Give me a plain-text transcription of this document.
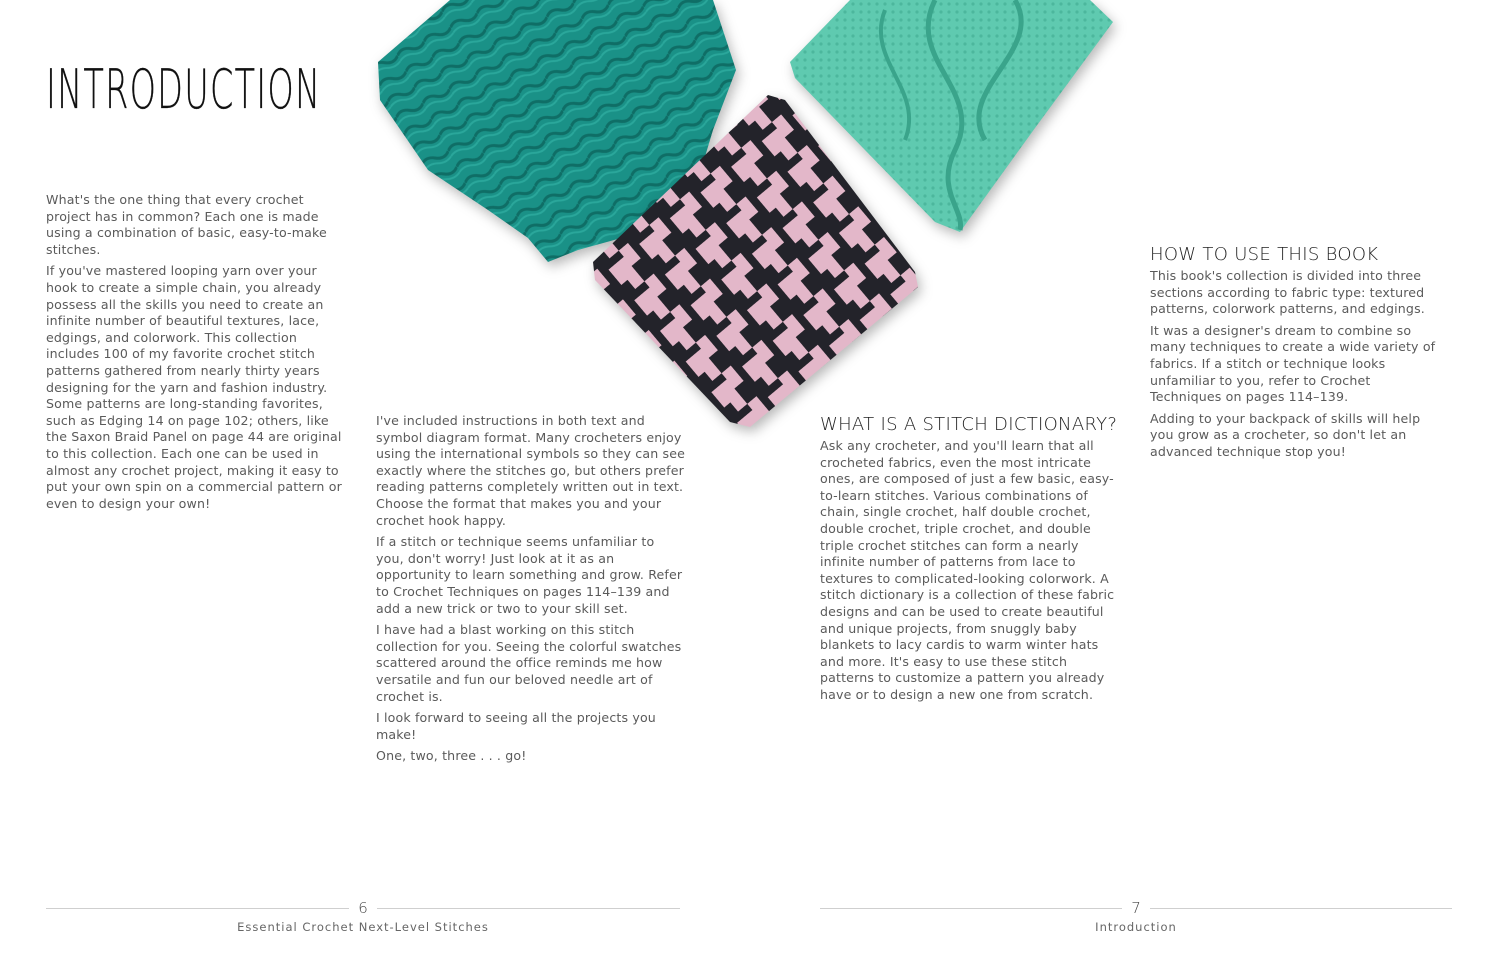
INTRODUCTION

What's the one thing that every crochet project has in common? Each one is made using a combination of basic, easy-to-make stitches.

If you've mastered looping yarn over your hook to create a simple chain, you already possess all the skills you need to create an infinite number of beautiful textures, lace, edgings, and colorwork. This collection includes 100 of my favorite crochet stitch patterns gathered from nearly thirty years designing for the yarn and fashion industry. Some patterns are long-standing favorites, such as Edging 14 on page 102; others, like the Saxon Braid Panel on page 44 are original to this collection. Each one can be used in almost any crochet project, making it easy to put your own spin on a commercial pattern or even to design your own!

I've included instructions in both text and symbol diagram format. Many crocheters enjoy using the international symbols so they can see exactly where the stitches go, but others prefer reading patterns completely written out in text. Choose the format that makes you and your crochet hook happy.

If a stitch or technique seems unfamiliar to you, don't worry! Just look at it as an opportunity to learn something and grow. Refer to Crochet Techniques on pages 114–139 and add a new trick or two to your skill set.

I have had a blast working on this stitch collection for you. Seeing the colorful swatches scattered around the office reminds me how versatile and fun our beloved needle art of crochet is.

I look forward to seeing all the projects you make!

One, two, three . . . go!

6
Essential Crochet Next-Level Stitches
WHAT IS A STITCH DICTIONARY?

Ask any crocheter, and you'll learn that all crocheted fabrics, even the most intricate ones, are composed of just a few basic, easy-to-learn stitches. Various combinations of chain, single crochet, half double crochet, double crochet, triple crochet, and double triple crochet stitches can form a nearly infinite number of patterns from lace to textures to complicated-looking colorwork. A stitch dictionary is a collection of these fabric designs and can be used to create beautiful and unique projects, from snuggly baby blankets to lacy cardis to warm winter hats and more. It's easy to use these stitch patterns to customize a pattern you already have or to design a new one from scratch.

HOW TO USE THIS BOOK

This book's collection is divided into three sections according to fabric type: textured patterns, colorwork patterns, and edgings.

It was a designer's dream to combine so many techniques to create a wide variety of fabrics. If a stitch or technique looks unfamiliar to you, refer to Crochet Techniques on pages 114–139.

Adding to your backpack of skills will help you grow as a crocheter, so don't let an advanced technique stop you!

7
Introduction
